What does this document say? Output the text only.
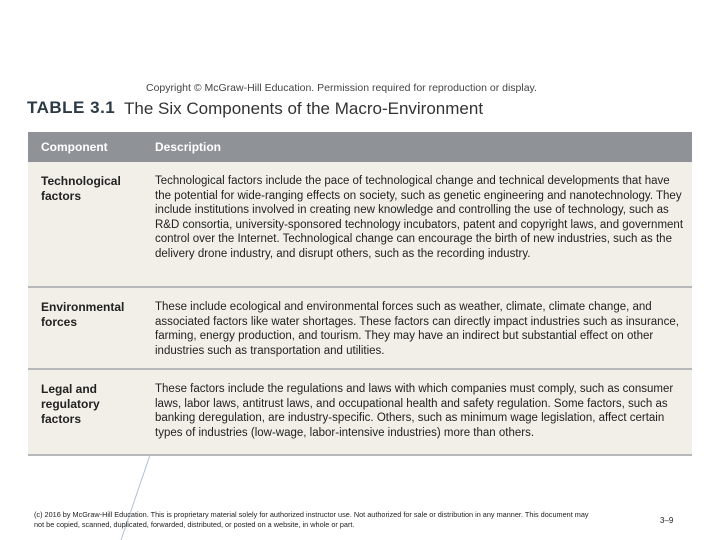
Copyright © McGraw-Hill Education. Permission required for reproduction or display.
TABLE 3.1 The Six Components of the Macro-Environment
Component	Description
Technological factors
Technological factors include the pace of technological change and technical developments that have the potential for wide-ranging effects on society, such as genetic engineering and nanotechnology. They include institutions involved in creating new knowledge and controlling the use of technology, such as R&D consortia, university-sponsored technology incubators, patent and copyright laws, and government control over the Internet. Technological change can encourage the birth of new industries, such as the delivery drone industry, and disrupt others, such as the recording industry.
Environmental forces
These include ecological and environmental forces such as weather, climate, climate change, and associated factors like water shortages. These factors can directly impact industries such as insurance, farming, energy production, and tourism. They may have an indirect but substantial effect on other industries such as transportation and utilities.
Legal and regulatory factors
These factors include the regulations and laws with which companies must comply, such as consumer laws, labor laws, antitrust laws, and occupational health and safety regulation. Some factors, such as banking deregulation, are industry-specific. Others, such as minimum wage legislation, affect certain types of industries (low-wage, labor-intensive industries) more than others.
(c) 2016 by McGraw-Hill Education. This is proprietary material solely for authorized instructor use. Not authorized for sale or distribution in any manner. This document may not be copied, scanned, duplicated, forwarded, distributed, or posted on a website, in whole or part.	3–9
